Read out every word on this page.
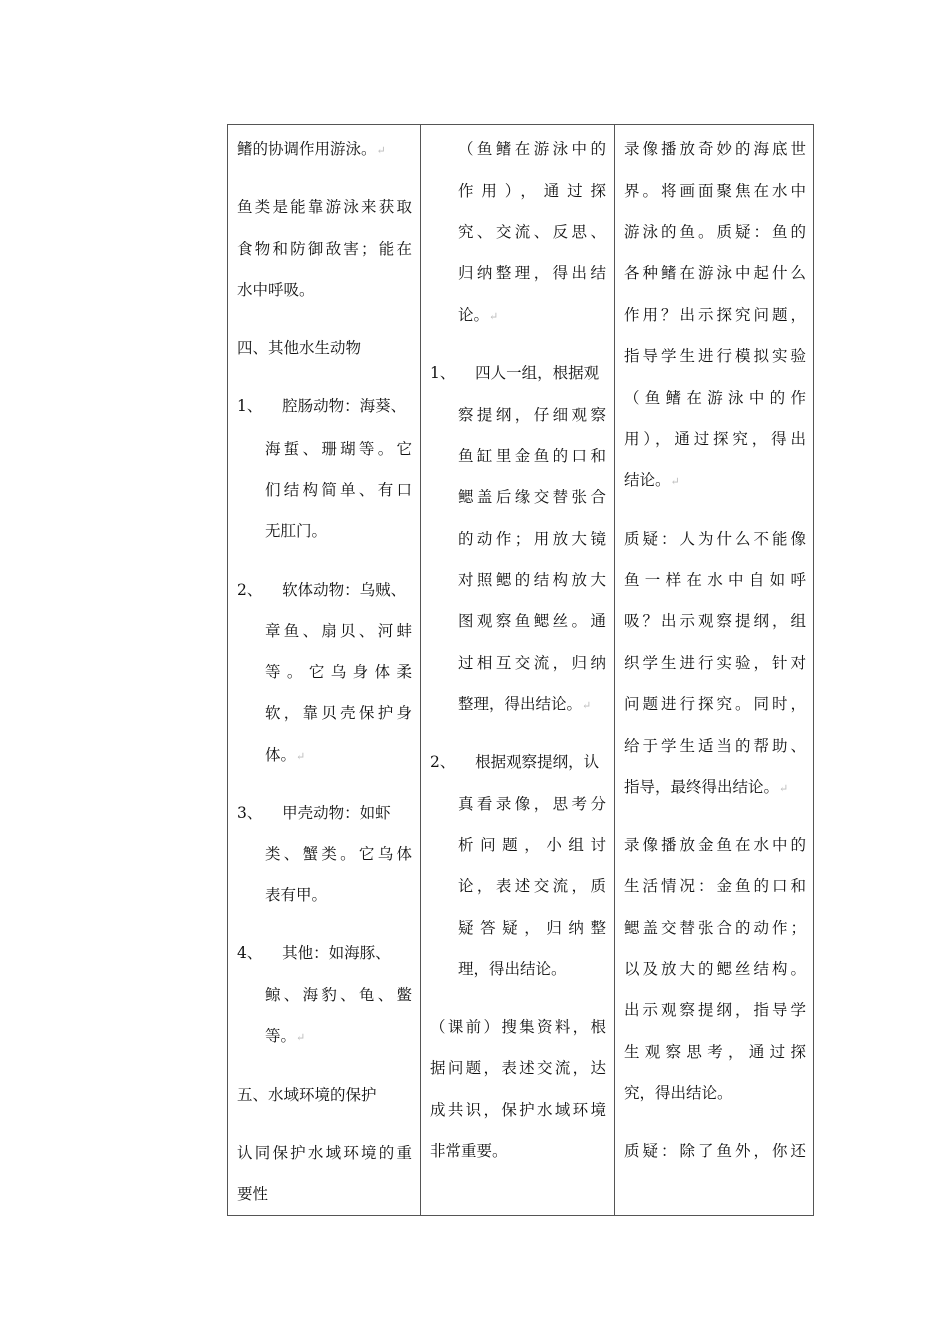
鳍的协调作用游泳。↵
鱼类是能靠游泳来获取
食物和防御敌害；能在
水中呼吸。
四、其他水生动物
1、    腔肠动物：海葵、
海蜇、珊瑚等。它
们结构简单、有口
无肛门。
2、    软体动物：乌贼、
章鱼、扇贝、河蚌
等。它乌身体柔
软，靠贝壳保护身
体。↵
3、    甲壳动物：如虾
类、蟹类。它乌体
表有甲。
4、    其他：如海豚、
鲸、海豹、龟、鳖
等。↵
五、水域环境的保护
认同保护水域环境的重
要性
（鱼鳍在游泳中的
作用），通过探
究、交流、反思、
归纳整理，得出结
论。↵
1、    四人一组，根据观
察提纲，仔细观察
鱼缸里金鱼的口和
鳃盖后缘交替张合
的动作；用放大镜
对照鳃的结构放大
图观察鱼鳃丝。通
过相互交流，归纳
整理，得出结论。↵
2、    根据观察提纲，认
真看录像，思考分
析问题，小组讨
论，表述交流，质
疑答疑，归纳整
理，得出结论。
（课前）搜集资料，根
据问题，表述交流，达
成共识，保护水域环境
非常重要。
录像播放奇妙的海底世
界。将画面聚焦在水中
游泳的鱼。质疑：鱼的
各种鳍在游泳中起什么
作用？出示探究问题，
指导学生进行模拟实验
（鱼鳍在游泳中的作
用），通过探究，得出
结论。↵
质疑：人为什么不能像
鱼一样在水中自如呼
吸？出示观察提纲，组
织学生进行实验，针对
问题进行探究。同时，
给于学生适当的帮助、
指导，最终得出结论。↵
录像播放金鱼在水中的
生活情况：金鱼的口和
鳃盖交替张合的动作；
以及放大的鳃丝结构。
出示观察提纲，指导学
生观察思考，通过探
究，得出结论。
质疑：除了鱼外，你还
